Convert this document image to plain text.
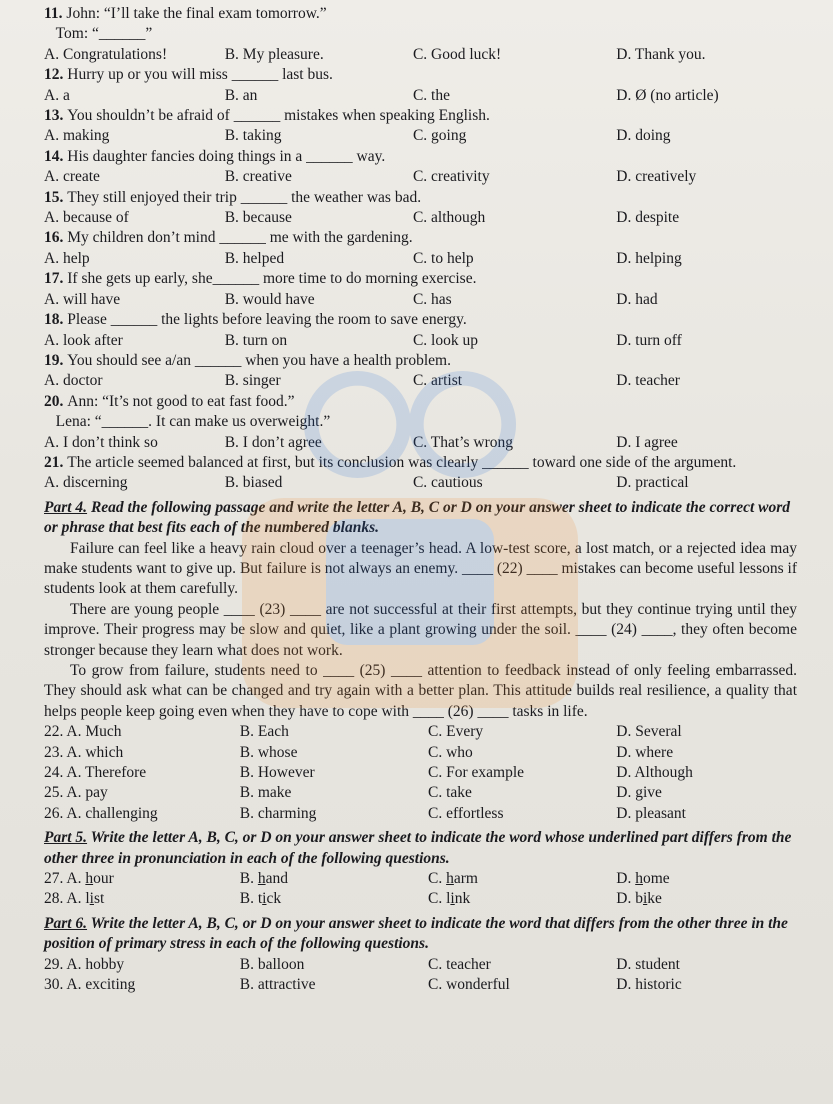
11. John: “I’ll take the final exam tomorrow.”
Tom: “______”
A. Congratulations!	B. My pleasure.	C. Good luck!	D. Thank you.
12. Hurry up or you will miss ______ last bus.
A. a	B. an	C. the	D. Ø (no article)
13. You shouldn’t be afraid of ______ mistakes when speaking English.
A. making	B. taking	C. going	D. doing
14. His daughter fancies doing things in a ______ way.
A. create	B. creative	C. creativity	D. creatively
15. They still enjoyed their trip ______ the weather was bad.
A. because of	B. because	C. although	D. despite
16. My children don’t mind ______ me with the gardening.
A. help	B. helped	C. to help	D. helping
17. If she gets up early, she______ more time to do morning exercise.
A. will have	B. would have	C. has	D. had
18. Please ______ the lights before leaving the room to save energy.
A. look after	B. turn on	C. look up	D. turn off
19. You should see a/an ______ when you have a health problem.
A. doctor	B. singer	C. artist	D. teacher
20. Ann: “It’s not good to eat fast food.”
Lena: “______. It can make us overweight.”
A. I don’t think so	B. I don’t agree	C. That’s wrong	D. I agree
21. The article seemed balanced at first, but its conclusion was clearly ______ toward one side of the argument.
A. discerning	B. biased	C. cautious	D. practical
Part 4. Read the following passage and write the letter A, B, C or D on your answer sheet to indicate the correct word or phrase that best fits each of the numbered blanks.

Failure can feel like a heavy rain cloud over a teenager’s head. A low-test score, a lost match, or a rejected idea may make students want to give up. But failure is not always an enemy. ____ (22) ____ mistakes can become useful lessons if students look at them carefully.

There are young people ____ (23) ____ are not successful at their first attempts, but they continue trying until they improve. Their progress may be slow and quiet, like a plant growing under the soil. ____ (24) ____, they often become stronger because they learn what does not work.

To grow from failure, students need to ____ (25) ____ attention to feedback instead of only feeling embarrassed. They should ask what can be changed and try again with a better plan. This attitude builds real resilience, a quality that helps people keep going even when they have to cope with ____ (26) ____ tasks in life.

22. A. Much	B. Each	C. Every	D. Several
23. A. which	B. whose	C. who	D. where
24. A. Therefore	B. However	C. For example	D. Although
25. A. pay	B. make	C. take	D. give
26. A. challenging	B. charming	C. effortless	D. pleasant
Part 5. Write the letter A, B, C, or D on your answer sheet to indicate the word whose underlined part differs from the other three in pronunciation in each of the following questions.
27. A. hour	B. hand	C. harm	D. home
28. A. list	B. tick	C. link	D. bike
Part 6. Write the letter A, B, C, or D on your answer sheet to indicate the word that differs from the other three in the position of primary stress in each of the following questions.
29. A. hobby	B. balloon	C. teacher	D. student
30. A. exciting	B. attractive	C. wonderful	D. historic
